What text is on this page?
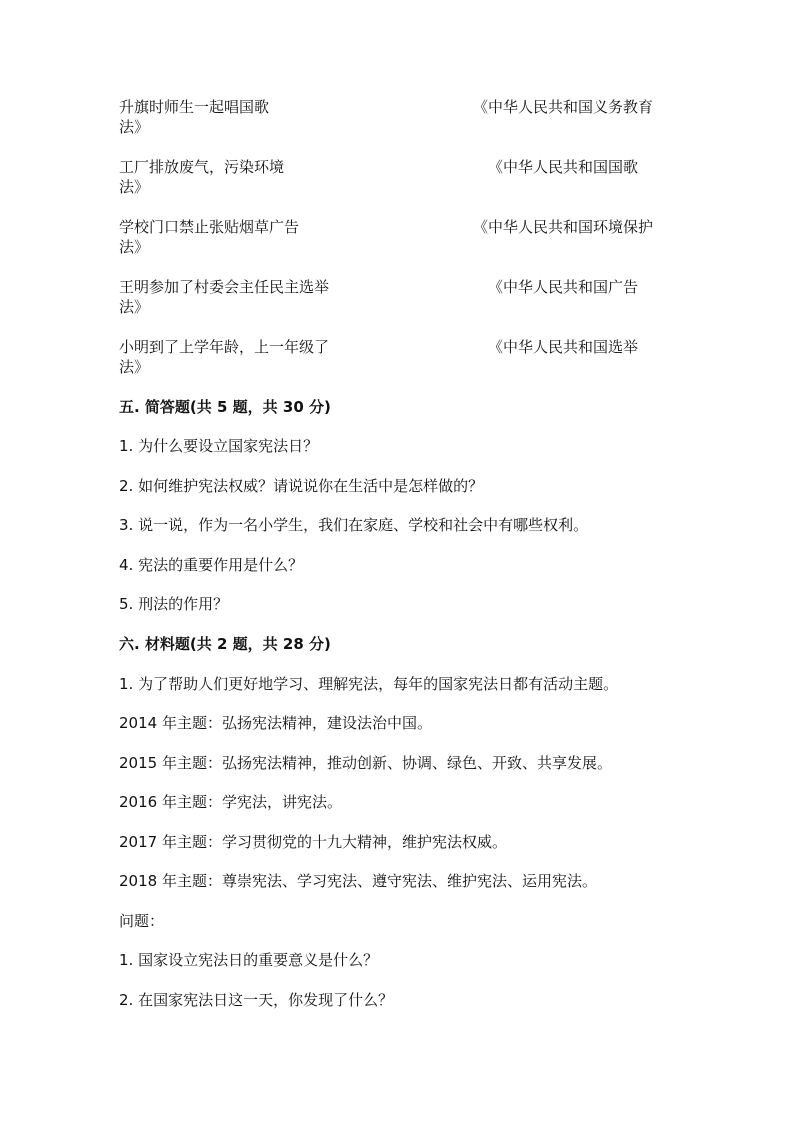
升旗时师生一起唱国歌	《中华人民共和国义务教育
法》
工厂排放废气，污染环境	《中华人民共和国国歌
法》
学校门口禁止张贴烟草广告	《中华人民共和国环境保护
法》
王明参加了村委会主任民主选举	《中华人民共和国广告
法》
小明到了上学年龄，上一年级了	《中华人民共和国选举
法》
五. 简答题(共 5 题，共 30 分)
1. 为什么要设立国家宪法日？
2. 如何维护宪法权威？请说说你在生活中是怎样做的？
3. 说一说，作为一名小学生，我们在家庭、学校和社会中有哪些权利。
4. 宪法的重要作用是什么？
5. 刑法的作用？
六. 材料题(共 2 题，共 28 分)
1. 为了帮助人们更好地学习、理解宪法，每年的国家宪法日都有活动主题。
2014 年主题：弘扬宪法精神，建设法治中国。
2015 年主题：弘扬宪法精神，推动创新、协调、绿色、开致、共享发展。
2016 年主题：学宪法，讲宪法。
2017 年主题：学习贯彻党的十九大精神，维护宪法权威。
2018 年主题：尊崇宪法、学习宪法、遵守宪法、维护宪法、运用宪法。
问题：
1. 国家设立宪法日的重要意义是什么？
2. 在国家宪法日这一天，你发现了什么？
